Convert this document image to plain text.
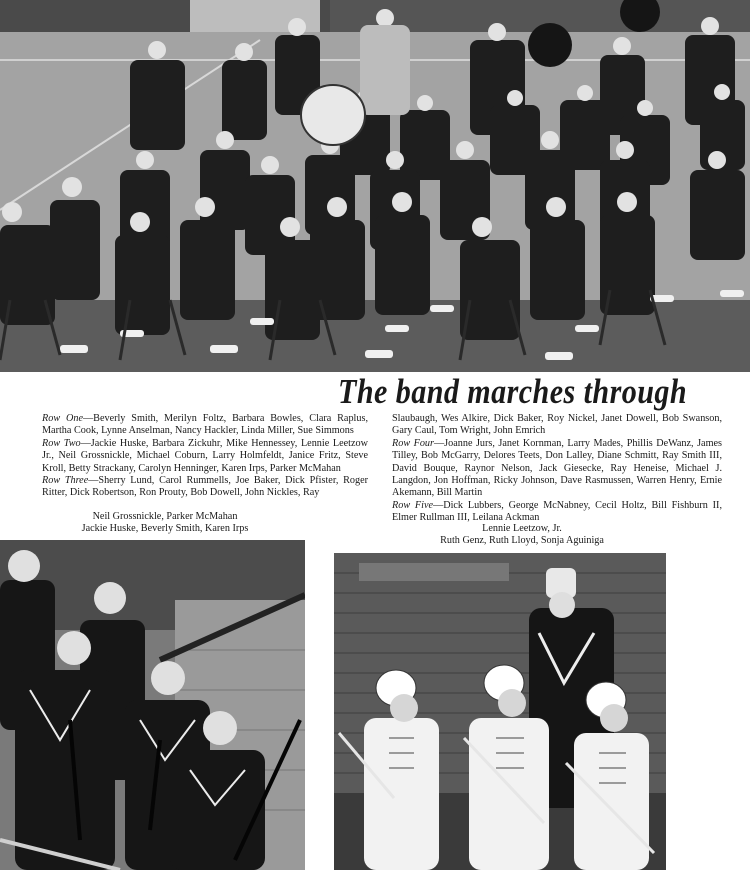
The band marches through

Row One—Beverly Smith, Merilyn Foltz, Barbara Bowles, Clara Raplus, Martha Cook, Lynne Anselman, Nancy Hackler, Linda Miller, Sue Simmons

Row Two—Jackie Huske, Barbara Zickuhr, Mike Hennessey, Lennie Leetzow Jr., Neil Grossnickle, Michael Coburn, Larry Holmfeldt, Janice Fritz, Steve Kroll, Betty Strackany, Carolyn Henninger, Karen Irps, Parker McMahan

Row Three—Sherry Lund, Carol Rummells, Joe Baker, Dick Pfister, Roger Ritter, Dick Robertson, Ron Prouty, Bob Dowell, John Nickles, Ray

Slaubaugh, Wes Alkire, Dick Baker, Roy Nickel, Janet Dowell, Bob Swanson, Gary Caul, Tom Wright, John Emrich

Row Four—Joanne Jurs, Janet Kornman, Larry Mades, Phillis DeWanz, James Tilley, Bob McGarry, Delores Teets, Don Lalley, Diane Schmitt, Ray Smith III, David Bouque, Raynor Nelson, Jack Giesecke, Ray Heneise, Michael J. Langdon, Jon Hoffman, Ricky Johnson, Dave Rasmussen, Warren Henry, Ernie Akemann, Bill Martin

Row Five—Dick Lubbers, George McNabney, Cecil Holtz, Bill Fishburn II, Elmer Rullman III, Leilana Ackman

Neil Grossnickle, Parker McMahan
Jackie Huske, Beverly Smith, Karen Irps	Lennie Leetzow, Jr.
Ruth Genz, Ruth Lloyd, Sonja Aguiniga
